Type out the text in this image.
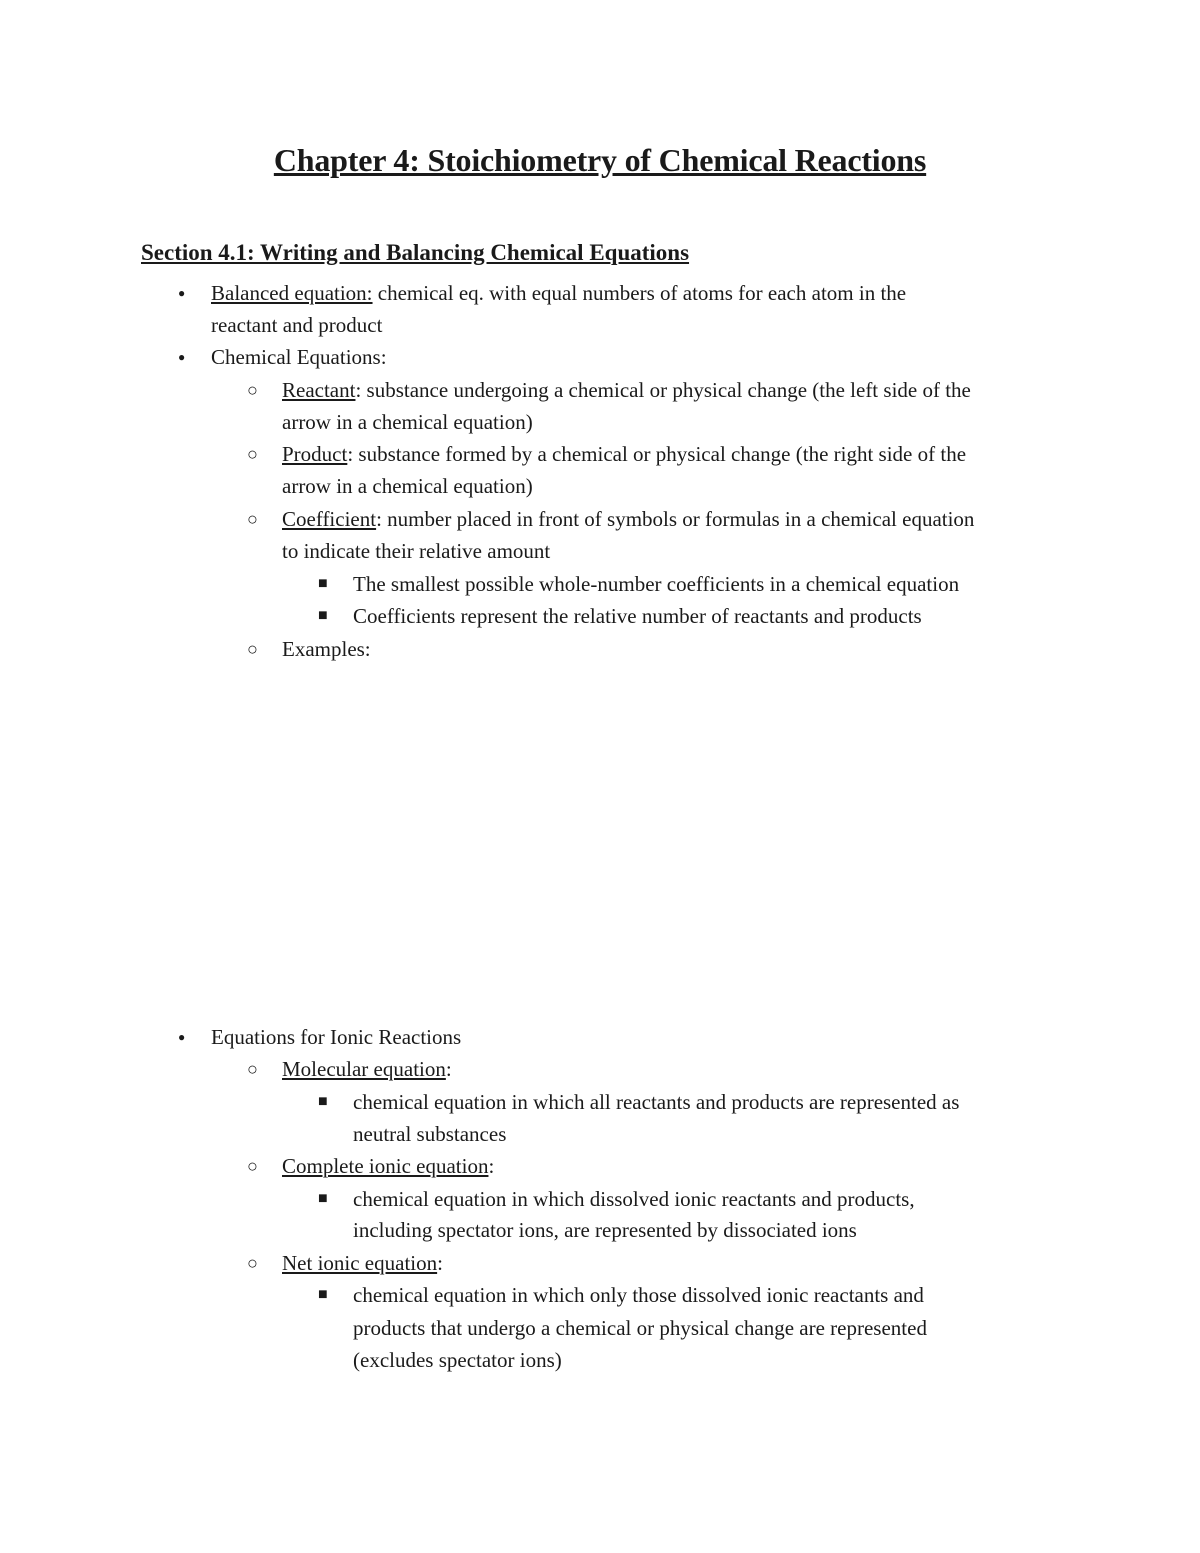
Chapter 4: Stoichiometry of Chemical Reactions
Section 4.1: Writing and Balancing Chemical Equations
● Balanced equation: chemical eq. with equal numbers of atoms for each atom in the
reactant and product
● Chemical Equations:
○ Reactant: substance undergoing a chemical or physical change (the left side of the
arrow in a chemical equation)
○ Product: substance formed by a chemical or physical change (the right side of the
arrow in a chemical equation)
○ Coefficient: number placed in front of symbols or formulas in a chemical equation
to indicate their relative amount
■ The smallest possible whole-number coefficients in a chemical equation
■ Coefficients represent the relative number of reactants and products
○ Examples:
● Equations for Ionic Reactions
○ Molecular equation:
■ chemical equation in which all reactants and products are represented as
neutral substances
○ Complete ionic equation:
■ chemical equation in which dissolved ionic reactants and products,
including spectator ions, are represented by dissociated ions
○ Net ionic equation:
■ chemical equation in which only those dissolved ionic reactants and
products that undergo a chemical or physical change are represented
(excludes spectator ions)
